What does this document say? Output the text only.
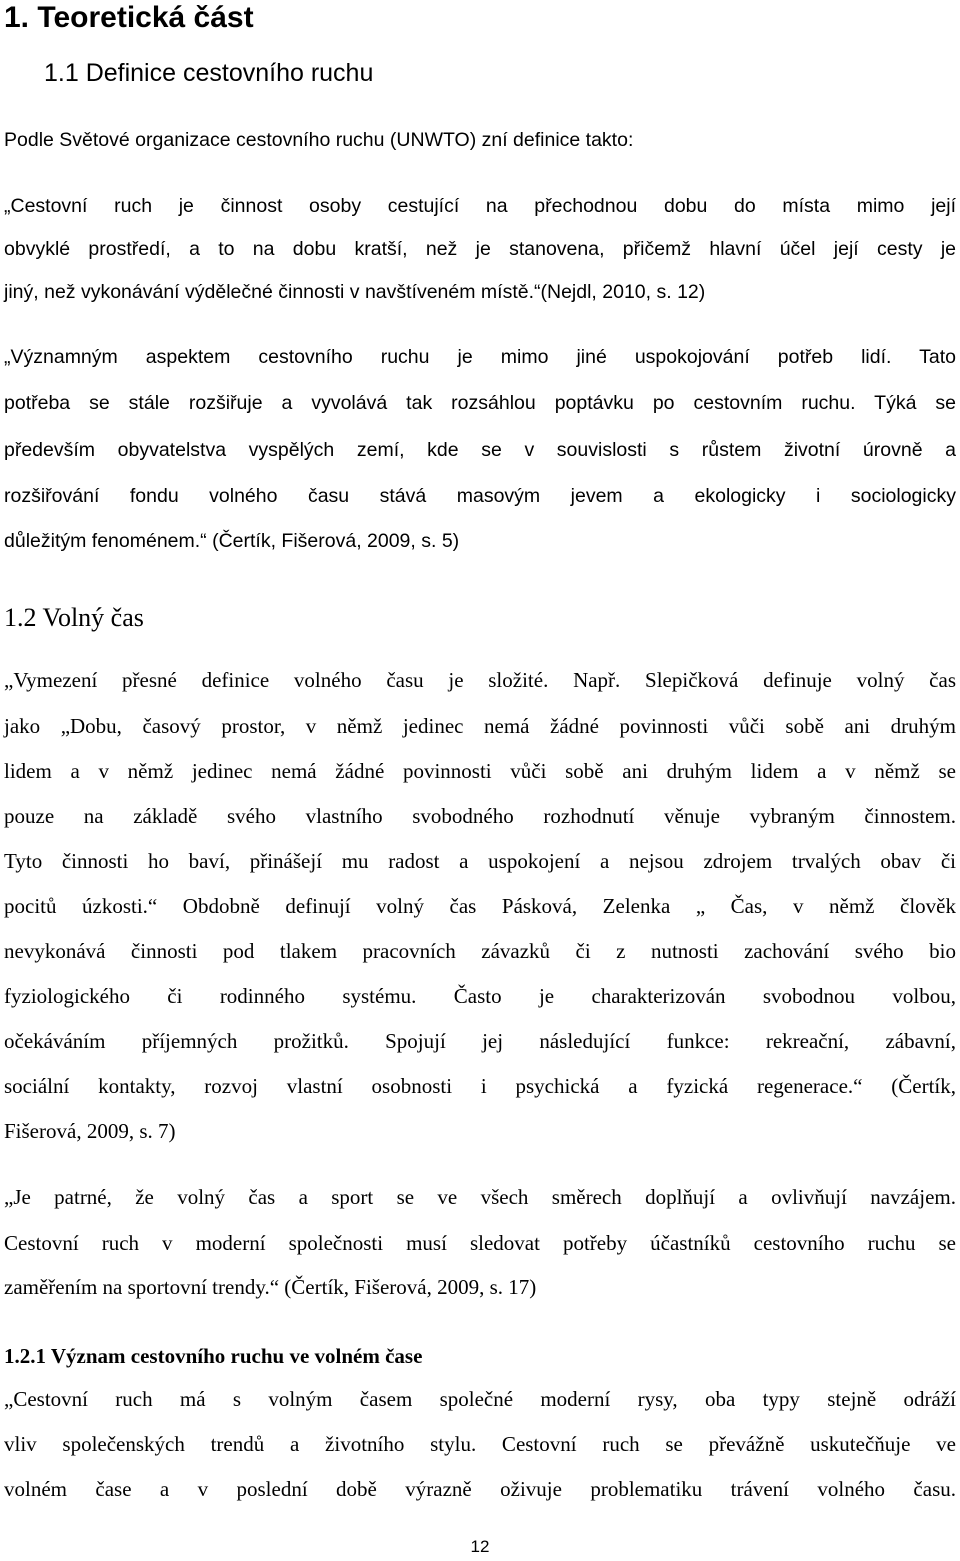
1. Teoretická část
1.1 Definice cestovního ruchu

Podle Světové organizace cestovního ruchu (UNWTO) zní definice takto:

„Cestovní ruch je činnost osoby cestující na přechodnou dobu do místa mimo její

obvyklé prostředí, a to na dobu kratší, než je stanovena, přičemž hlavní účel její cesty je

jiný, než vykonávání výdělečné činnosti v navštíveném místě.“(Nejdl, 2010, s. 12)

„Významným aspektem cestovního ruchu je mimo jiné uspokojování potřeb lidí. Tato

potřeba se stále rozšiřuje a vyvolává tak rozsáhlou poptávku po cestovním ruchu. Týká se

především obyvatelstva vyspělých zemí, kde se v souvislosti s růstem životní úrovně a

rozšiřování fondu volného času stává masovým jevem a ekologicky i sociologicky

důležitým fenoménem.“ (Čertík, Fišerová, 2009, s. 5)

1.2 Volný čas

„Vymezení přesné definice volného času je složité. Např. Slepičková definuje volný čas

jako „Dobu, časový prostor, v němž jedinec nemá žádné povinnosti vůči sobě ani druhým

lidem a v němž jedinec nemá žádné povinnosti vůči sobě ani druhým lidem a v němž se

pouze na základě svého vlastního svobodného rozhodnutí věnuje vybraným činnostem.

Tyto činnosti ho baví, přinášejí mu radost a uspokojení a nejsou zdrojem trvalých obav či

pocitů úzkosti.“ Obdobně definují volný čas Pásková, Zelenka „ Čas, v němž člověk

nevykonává činnosti pod tlakem pracovních závazků či z nutnosti zachování svého bio

fyziologického či rodinného systému. Často je charakterizován svobodnou volbou,

očekáváním příjemných prožitků. Spojují jej následující funkce: rekreační, zábavní,

sociální kontakty, rozvoj vlastní osobnosti i psychická a fyzická regenerace.“ (Čertík,

Fišerová, 2009, s. 7)

„Je patrné, že volný čas a sport se ve všech směrech doplňují a ovlivňují navzájem.

Cestovní ruch v moderní společnosti musí sledovat potřeby účastníků cestovního ruchu se

zaměřením na sportovní trendy.“ (Čertík, Fišerová, 2009, s. 17)

1.2.1 Význam cestovního ruchu ve volném čase

„Cestovní ruch má s volným časem společné moderní rysy, oba typy stejně odráží

vliv společenských trendů a životního stylu. Cestovní ruch se převážně uskutečňuje ve

volném čase a v poslední době výrazně oživuje problematiku trávení volného času.

12
